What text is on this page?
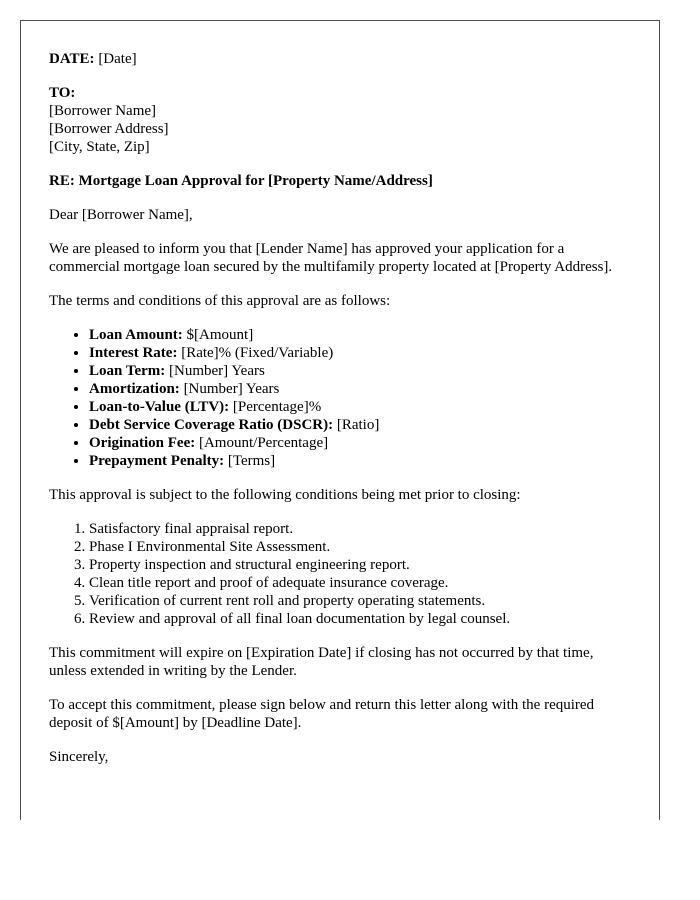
DATE: [Date]

TO:
[Borrower Name]
[Borrower Address]
[City, State, Zip]

RE: Mortgage Loan Approval for [Property Name/Address]

Dear [Borrower Name],

We are pleased to inform you that [Lender Name] has approved your application for a commercial mortgage loan secured by the multifamily property located at [Property Address].

The terms and conditions of this approval are as follows:

• Loan Amount: $[Amount]
• Interest Rate: [Rate]% (Fixed/Variable)
• Loan Term: [Number] Years
• Amortization: [Number] Years
• Loan-to-Value (LTV): [Percentage]%
• Debt Service Coverage Ratio (DSCR): [Ratio]
• Origination Fee: [Amount/Percentage]
• Prepayment Penalty: [Terms]

This approval is subject to the following conditions being met prior to closing:

1. Satisfactory final appraisal report.
2. Phase I Environmental Site Assessment.
3. Property inspection and structural engineering report.
4. Clean title report and proof of adequate insurance coverage.
5. Verification of current rent roll and property operating statements.
6. Review and approval of all final loan documentation by legal counsel.

This commitment will expire on [Expiration Date] if closing has not occurred by that time, unless extended in writing by the Lender.

To accept this commitment, please sign below and return this letter along with the required deposit of $[Amount] by [Deadline Date].

Sincerely,
